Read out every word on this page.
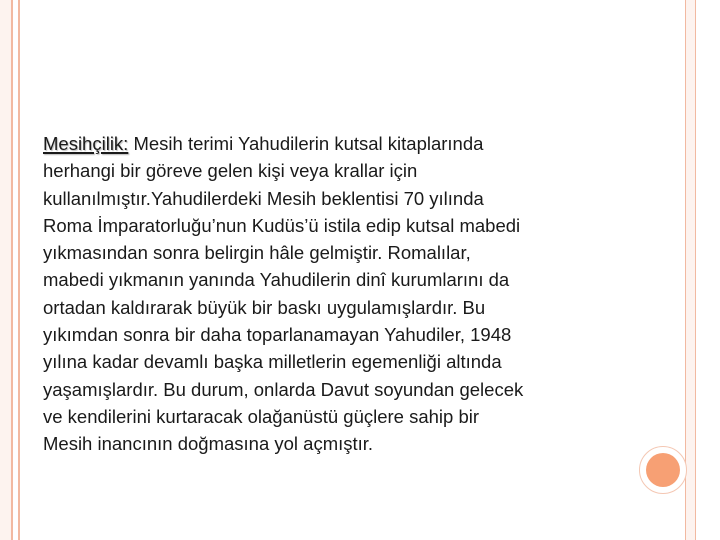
Mesihçilik: Mesih terimi Yahudilerin kutsal kitaplarında
herhangi bir göreve gelen kişi veya krallar için
kullanılmıştır.Yahudilerdeki Mesih beklentisi 70 yılında
Roma İmparatorluğu’nun Kudüs’ü istila edip kutsal mabedi
yıkmasından sonra belirgin hâle gelmiştir. Romalılar,
mabedi yıkmanın yanında Yahudilerin dinî kurumlarını da
ortadan kaldırarak büyük bir baskı uygulamışlardır. Bu
yıkımdan sonra bir daha toparlanamayan Yahudiler, 1948
yılına kadar devamlı başka milletlerin egemenliği altında
yaşamışlardır. Bu durum, onlarda Davut soyundan gelecek
ve kendilerini kurtaracak olağanüstü güçlere sahip bir
Mesih inancının doğmasına yol açmıştır.
